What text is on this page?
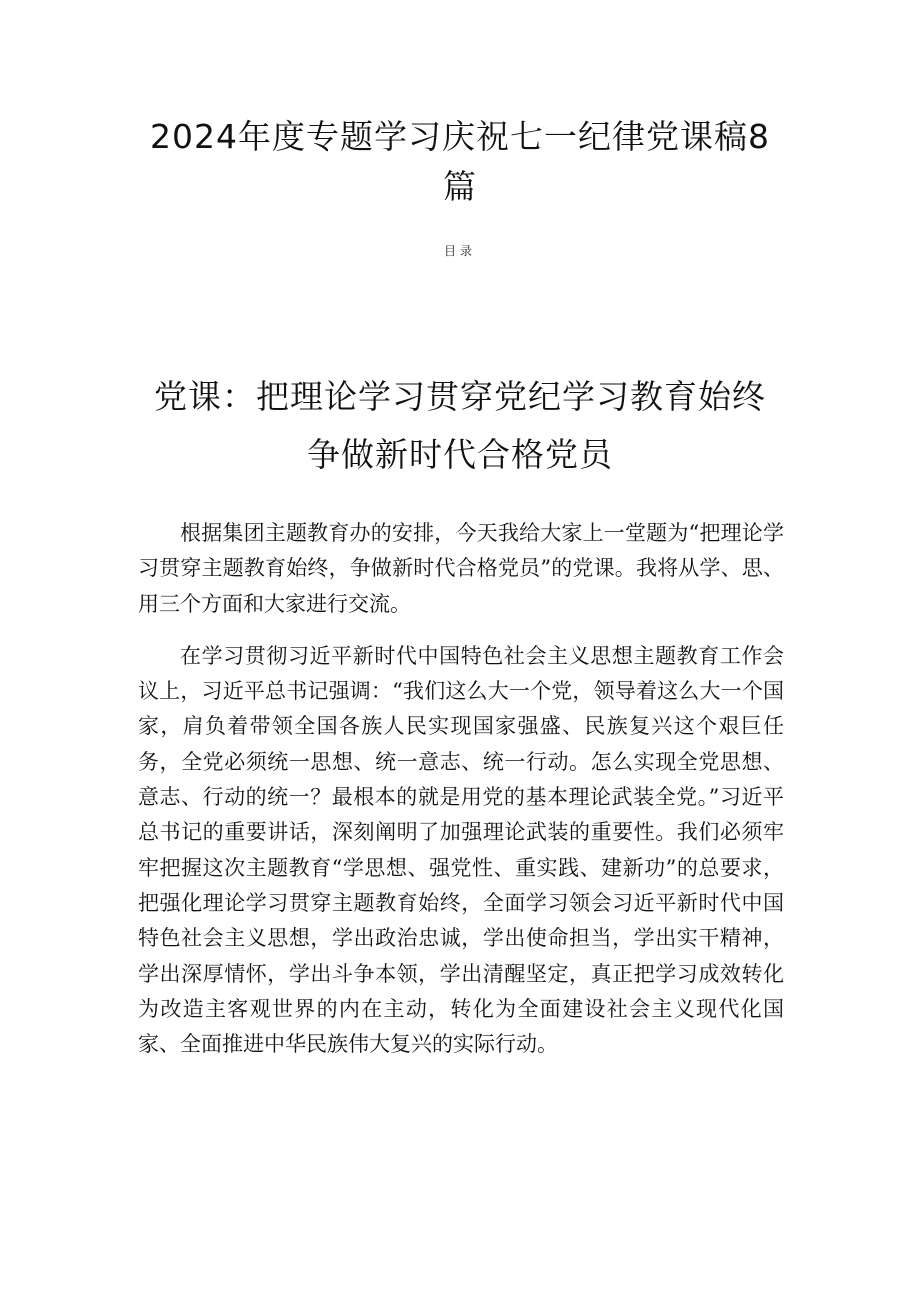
2024年度专题学习庆祝七一纪律党课稿8篇
目录
党课：把理论学习贯穿党纪学习教育始终
争做新时代合格党员

根据集团主题教育办的安排，今天我给大家上一堂题为“把理论学习贯穿主题教育始终，争做新时代合格党员”的党课。我将从学、思、用三个方面和大家进行交流。

在学习贯彻习近平新时代中国特色社会主义思想主题教育工作会议上，习近平总书记强调：“我们这么大一个党，领导着这么大一个国家，肩负着带领全国各族人民实现国家强盛、民族复兴这个艰巨任务，全党必须统一思想、统一意志、统一行动。怎么实现全党思想、意志、行动的统一？最根本的就是用党的基本理论武装全党。”习近平总书记的重要讲话，深刻阐明了加强理论武装的重要性。我们必须牢牢把握这次主题教育“学思想、强党性、重实践、建新功”的总要求，把强化理论学习贯穿主题教育始终，全面学习领会习近平新时代中国特色社会主义思想，学出政治忠诚，学出使命担当，学出实干精神，学出深厚情怀，学出斗争本领，学出清醒坚定，真正把学习成效转化为改造主客观世界的内在主动，转化为全面建设社会主义现代化国家、全面推进中华民族伟大复兴的实际行动。
